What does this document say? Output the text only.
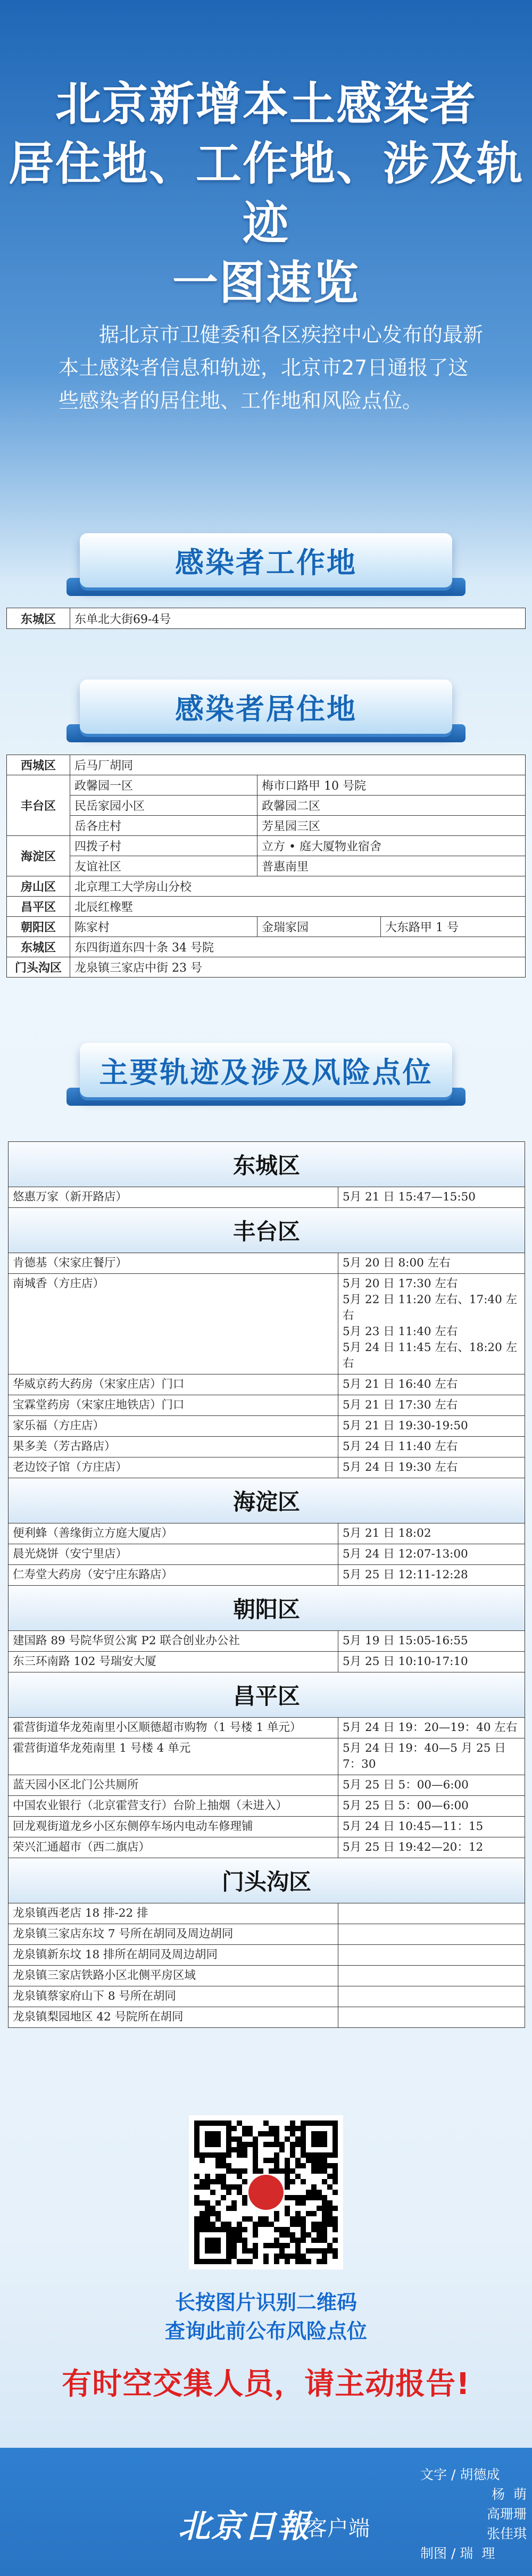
北京新增本土感染者
居住地、工作地、涉及轨迹
一图速览
据北京市卫健委和各区疾控中心发布的最新本土感染者信息和轨迹，北京市27日通报了这些感染者的居住地、工作地和风险点位。
感染者工作地
东城区	东单北大街69-4号
感染者居住地
西城区	后马厂胡同		
丰台区	政馨园一区	梅市口路甲 10 号院	
	民岳家园小区	政馨园二区	
	岳各庄村	芳星园三区	
海淀区	四拨子村	立方 • 庭大厦物业宿舍	
	友谊社区	普惠南里	
房山区	北京理工大学房山分校		
昌平区	北辰红橡墅		
朝阳区	陈家村	金瑞家园	大东路甲 1 号
东城区	东四街道东四十条 34 号院		
门头沟区	龙泉镇三家店中街 23 号		
主要轨迹及涉及风险点位
东城区
悠惠万家（新开路店）	5月 21 日 15:47—15:50
丰台区
肯德基（宋家庄餐厅）	5月 20 日 8:00 左右
南城香（方庄店）	5月 20 日 17:30 左右
5月 22 日 11:20 左右、17:40 左右
5月 23 日 11:40 左右
5月 24 日 11:45 左右、18:20 左右
华威京药大药房（宋家庄店）门口	5月 21 日 16:40 左右
宝霖堂药房（宋家庄地铁店）门口	5月 21 日 17:30 左右
家乐福（方庄店）	5月 21 日 19:30-19:50
果多美（芳古路店）	5月 24 日 11:40 左右
老边饺子馆（方庄店）	5月 24 日 19:30 左右
海淀区
便利蜂（善缘街立方庭大厦店）	5月 21 日 18:02
晨光烧饼（安宁里店）	5月 24 日 12:07-13:00
仁寿堂大药房（安宁庄东路店）	5月 25 日 12:11-12:28
朝阳区
建国路 89 号院华贸公寓 P2 联合创业办公社	5月 19 日 15:05-16:55
东三环南路 102 号瑞安大厦	5月 25 日 10:10-17:10
昌平区
霍营街道华龙苑南里小区顺德超市购物（1 号楼 1 单元）	5月 24 日 19：20—19：40 左右
霍营街道华龙苑南里 1 号楼 4 单元	5月 24 日 19：40—5 月 25 日 7：30
蓝天园小区北门公共厕所	5月 25 日 5：00—6:00
中国农业银行（北京霍营支行）台阶上抽烟（未进入）	5月 25 日 5：00—6:00
回龙观街道龙乡小区东侧停车场内电动车修理铺	5月 24 日 10:45—11：15
荣兴汇通超市（西二旗店）	5月 25 日 19:42—20：12
门头沟区
龙泉镇西老店 18 排-22 排
龙泉镇三家店东坟 7 号所在胡同及周边胡同
龙泉镇新东坟 18 排所在胡同及周边胡同
龙泉镇三家店铁路小区北侧平房区域
龙泉镇蔡家府山下 8 号所在胡同
龙泉镇梨园地区 42 号院所在胡同
长按图片识别二维码
查询此前公布风险点位
有时空交集人员，请主动报告!
北京日報
客户端
文字 / 胡德成
杨  萌
高珊珊
张佳琪
制图 / 瑞  理
